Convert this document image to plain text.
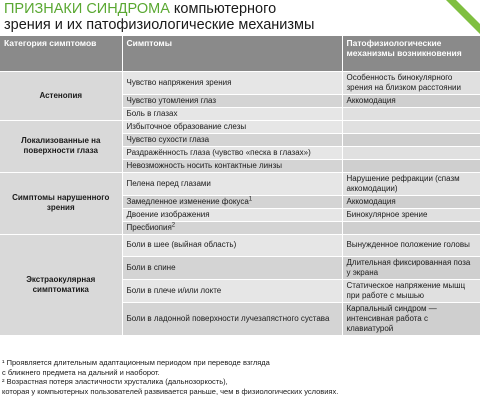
ПРИЗНАКИ СИНДРОМА компьютерного
зрения и их патофизиологические механизмы
Категория симптомов	Симптомы	Патофизиологические механизмы возникновения
Астенопия	Чувство напряжения зрения	Особенность бинокулярного зрения на близком расстоянии
	Чувство утомления глаз	Аккомодация
	Боль в глазах	
Локализованные на поверхности глаза	Избыточное образование слезы	
	Чувство сухости глаза	
	Раздражённость глаза (чувство «песка в глазах»)	
	Невозможность носить контактные линзы	
Симптомы нарушенного зрения	Пелена перед глазами	Нарушение рефракции (спазм аккомодации)
	Замедленное изменение фокуса$^1$	Аккомодация
	Двоение изображения	Бинокулярное зрение
	Пресбиопия$^2$	
Экстраокулярная симптоматика	Боли в шее (выйная область)	Вынужденное положение головы
	Боли в спине	Длительная фиксированная поза у экрана
	Боли в плече и/или локте	Статическое напряжение мышц при работе с мышью
	Боли в ладонной поверхности лучезапястного сустава	Карпальный синдром — интенсивная работа с клавиатурой
¹ Проявляется длительным адаптационным периодом при переводе взгляда
с ближнего предмета на дальний и наоборот.
² Возрастная потеря эластичности хрусталика (дальнозоркость),
которая у компьютерных пользователей развивается раньше, чем в физиологических условиях.
